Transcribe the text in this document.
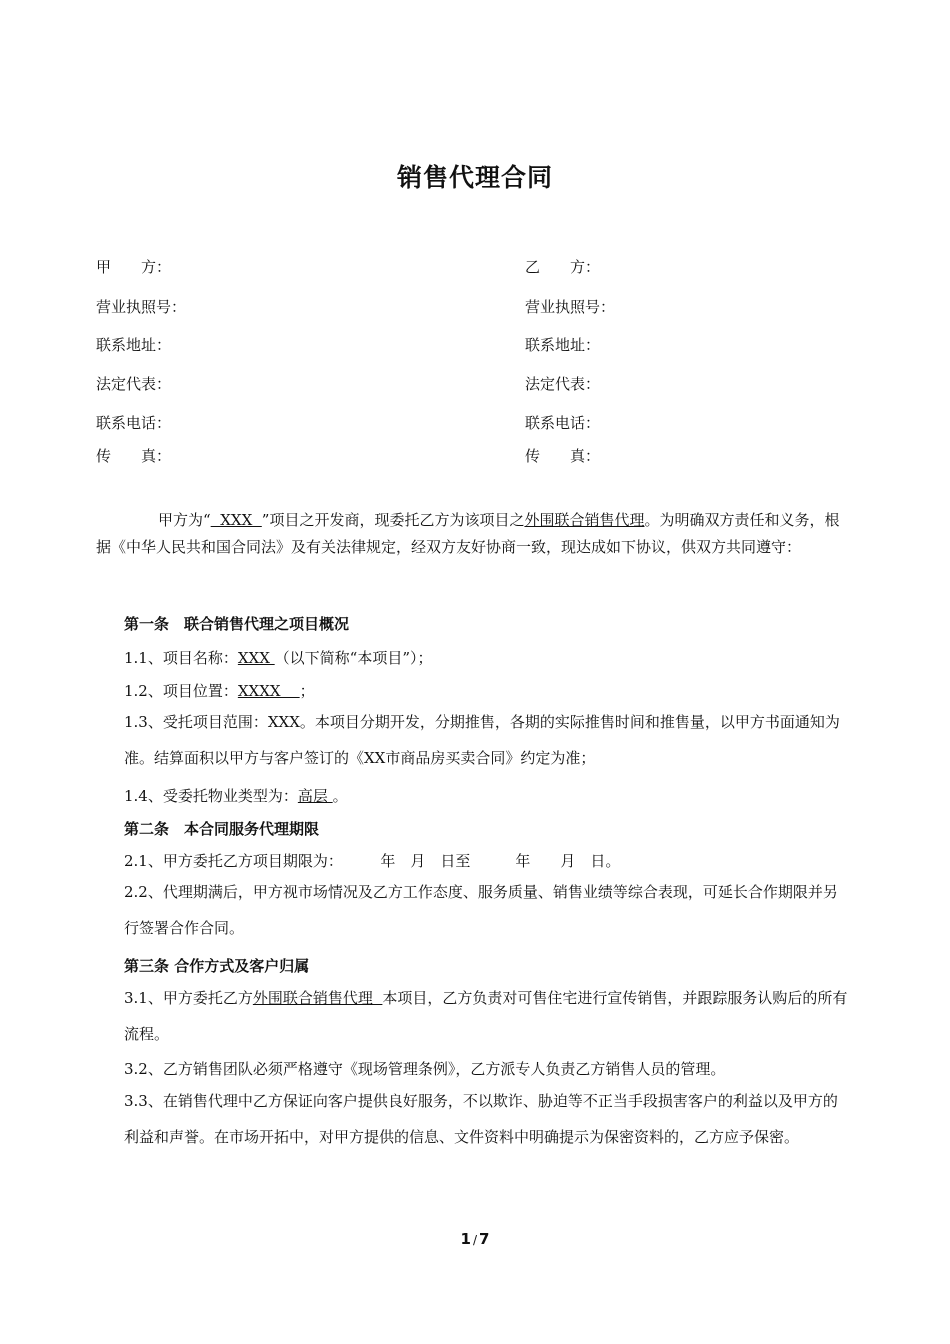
销售代理合同
甲　　方：
营业执照号：
联系地址：
法定代表：
联系电话：
传　　真：
乙　　方：
营业执照号：
联系地址：
法定代表：
联系电话：
传　　真：
甲方为“  XXX  ”项目之开发商，现委托乙方为该项目之外围联合销售代理。为明确双方责任和义务，根据《中华人民共和国合同法》及有关法律规定，经双方友好协商一致，现达成如下协议，供双方共同遵守：
第一条　联合销售代理之项目概况
1.1、项目名称：XXX （以下简称“本项目”）；
1.2、项目位置：XXXX    ；
1.3、受托项目范围：XXX。本项目分期开发，分期推售，各期的实际推售时间和推售量，以甲方书面通知为准。结算面积以甲方与客户签订的《XX市商品房买卖合同》约定为准；
1.4、受委托物业类型为：高层 。
第二条　本合同服务代理期限
2.1、甲方委托乙方项目期限为：　　　年　月　日至　　　年　　月　日。
2.2、代理期满后，甲方视市场情况及乙方工作态度、服务质量、销售业绩等综合表现，可延长合作期限并另行签署合作合同。
第三条 合作方式及客户归属
3.1、甲方委托乙方外围联合销售代理  本项目，乙方负责对可售住宅进行宣传销售，并跟踪服务认购后的所有流程。
3.2、乙方销售团队必须严格遵守《现场管理条例》，乙方派专人负责乙方销售人员的管理。
3.3、在销售代理中乙方保证向客户提供良好服务，不以欺诈、胁迫等不正当手段损害客户的利益以及甲方的利益和声誉。在市场开拓中，对甲方提供的信息、文件资料中明确提示为保密资料的，乙方应予保密。
1 / 7
